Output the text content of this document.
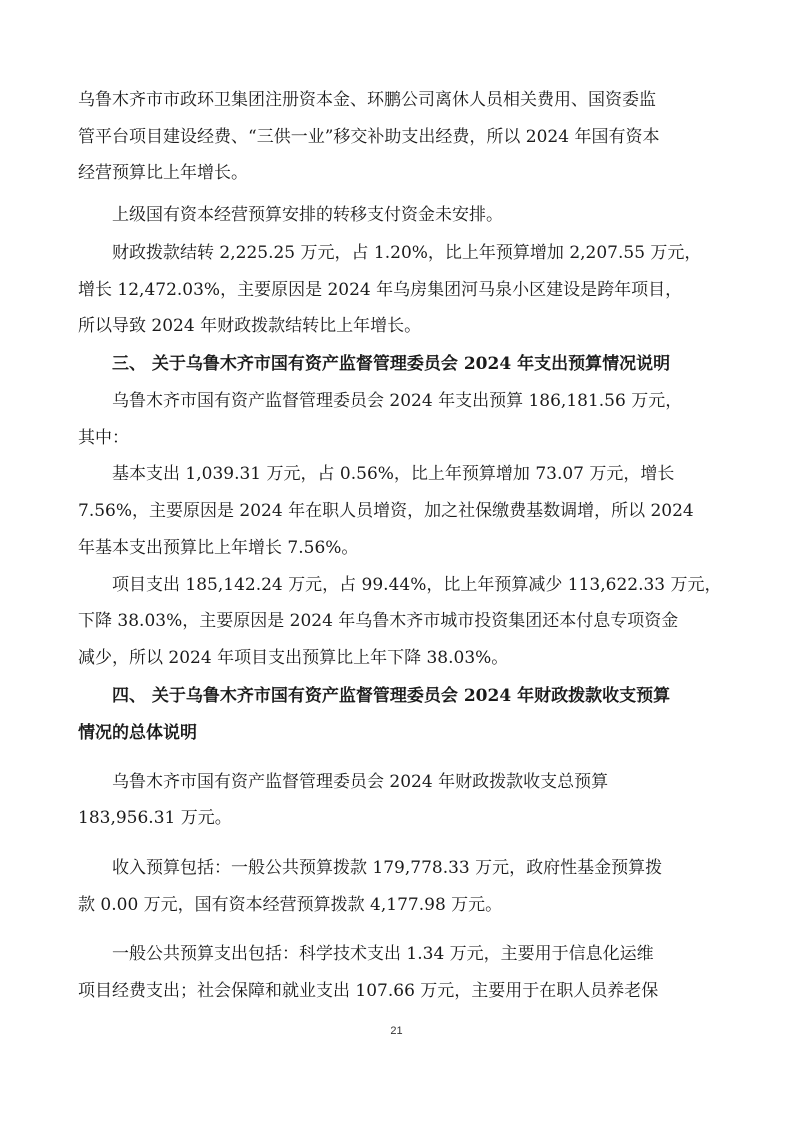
乌鲁木齐市市政环卫集团注册资本金、环鹏公司离休人员相关费用、国资委监
管平台项目建设经费、“三供一业”移交补助支出经费，所以 2024 年国有资本
经营预算比上年增长。
上级国有资本经营预算安排的转移支付资金未安排。
财政拨款结转 2,225.25 万元，占 1.20%，比上年预算增加 2,207.55 万元，
增长 12,472.03%，主要原因是 2024 年乌房集团河马泉小区建设是跨年项目，
所以导致 2024 年财政拨款结转比上年增长。
三、 关于乌鲁木齐市国有资产监督管理委员会 2024 年支出预算情况说明
乌鲁木齐市国有资产监督管理委员会 2024 年支出预算 186,181.56 万元，
其中：
基本支出 1,039.31 万元，占 0.56%，比上年预算增加 73.07 万元，增长
7.56%，主要原因是 2024 年在职人员增资，加之社保缴费基数调增，所以 2024
年基本支出预算比上年增长 7.56%。
项目支出 185,142.24 万元，占 99.44%，比上年预算减少 113,622.33 万元，
下降 38.03%，主要原因是 2024 年乌鲁木齐市城市投资集团还本付息专项资金
减少，所以 2024 年项目支出预算比上年下降 38.03%。
四、 关于乌鲁木齐市国有资产监督管理委员会 2024 年财政拨款收支预算
情况的总体说明
乌鲁木齐市国有资产监督管理委员会 2024 年财政拨款收支总预算
183,956.31 万元。
收入预算包括：一般公共预算拨款 179,778.33 万元，政府性基金预算拨
款 0.00 万元，国有资本经营预算拨款 4,177.98 万元。
一般公共预算支出包括：科学技术支出 1.34 万元，主要用于信息化运维
项目经费支出；社会保障和就业支出 107.66 万元，主要用于在职人员养老保
21
